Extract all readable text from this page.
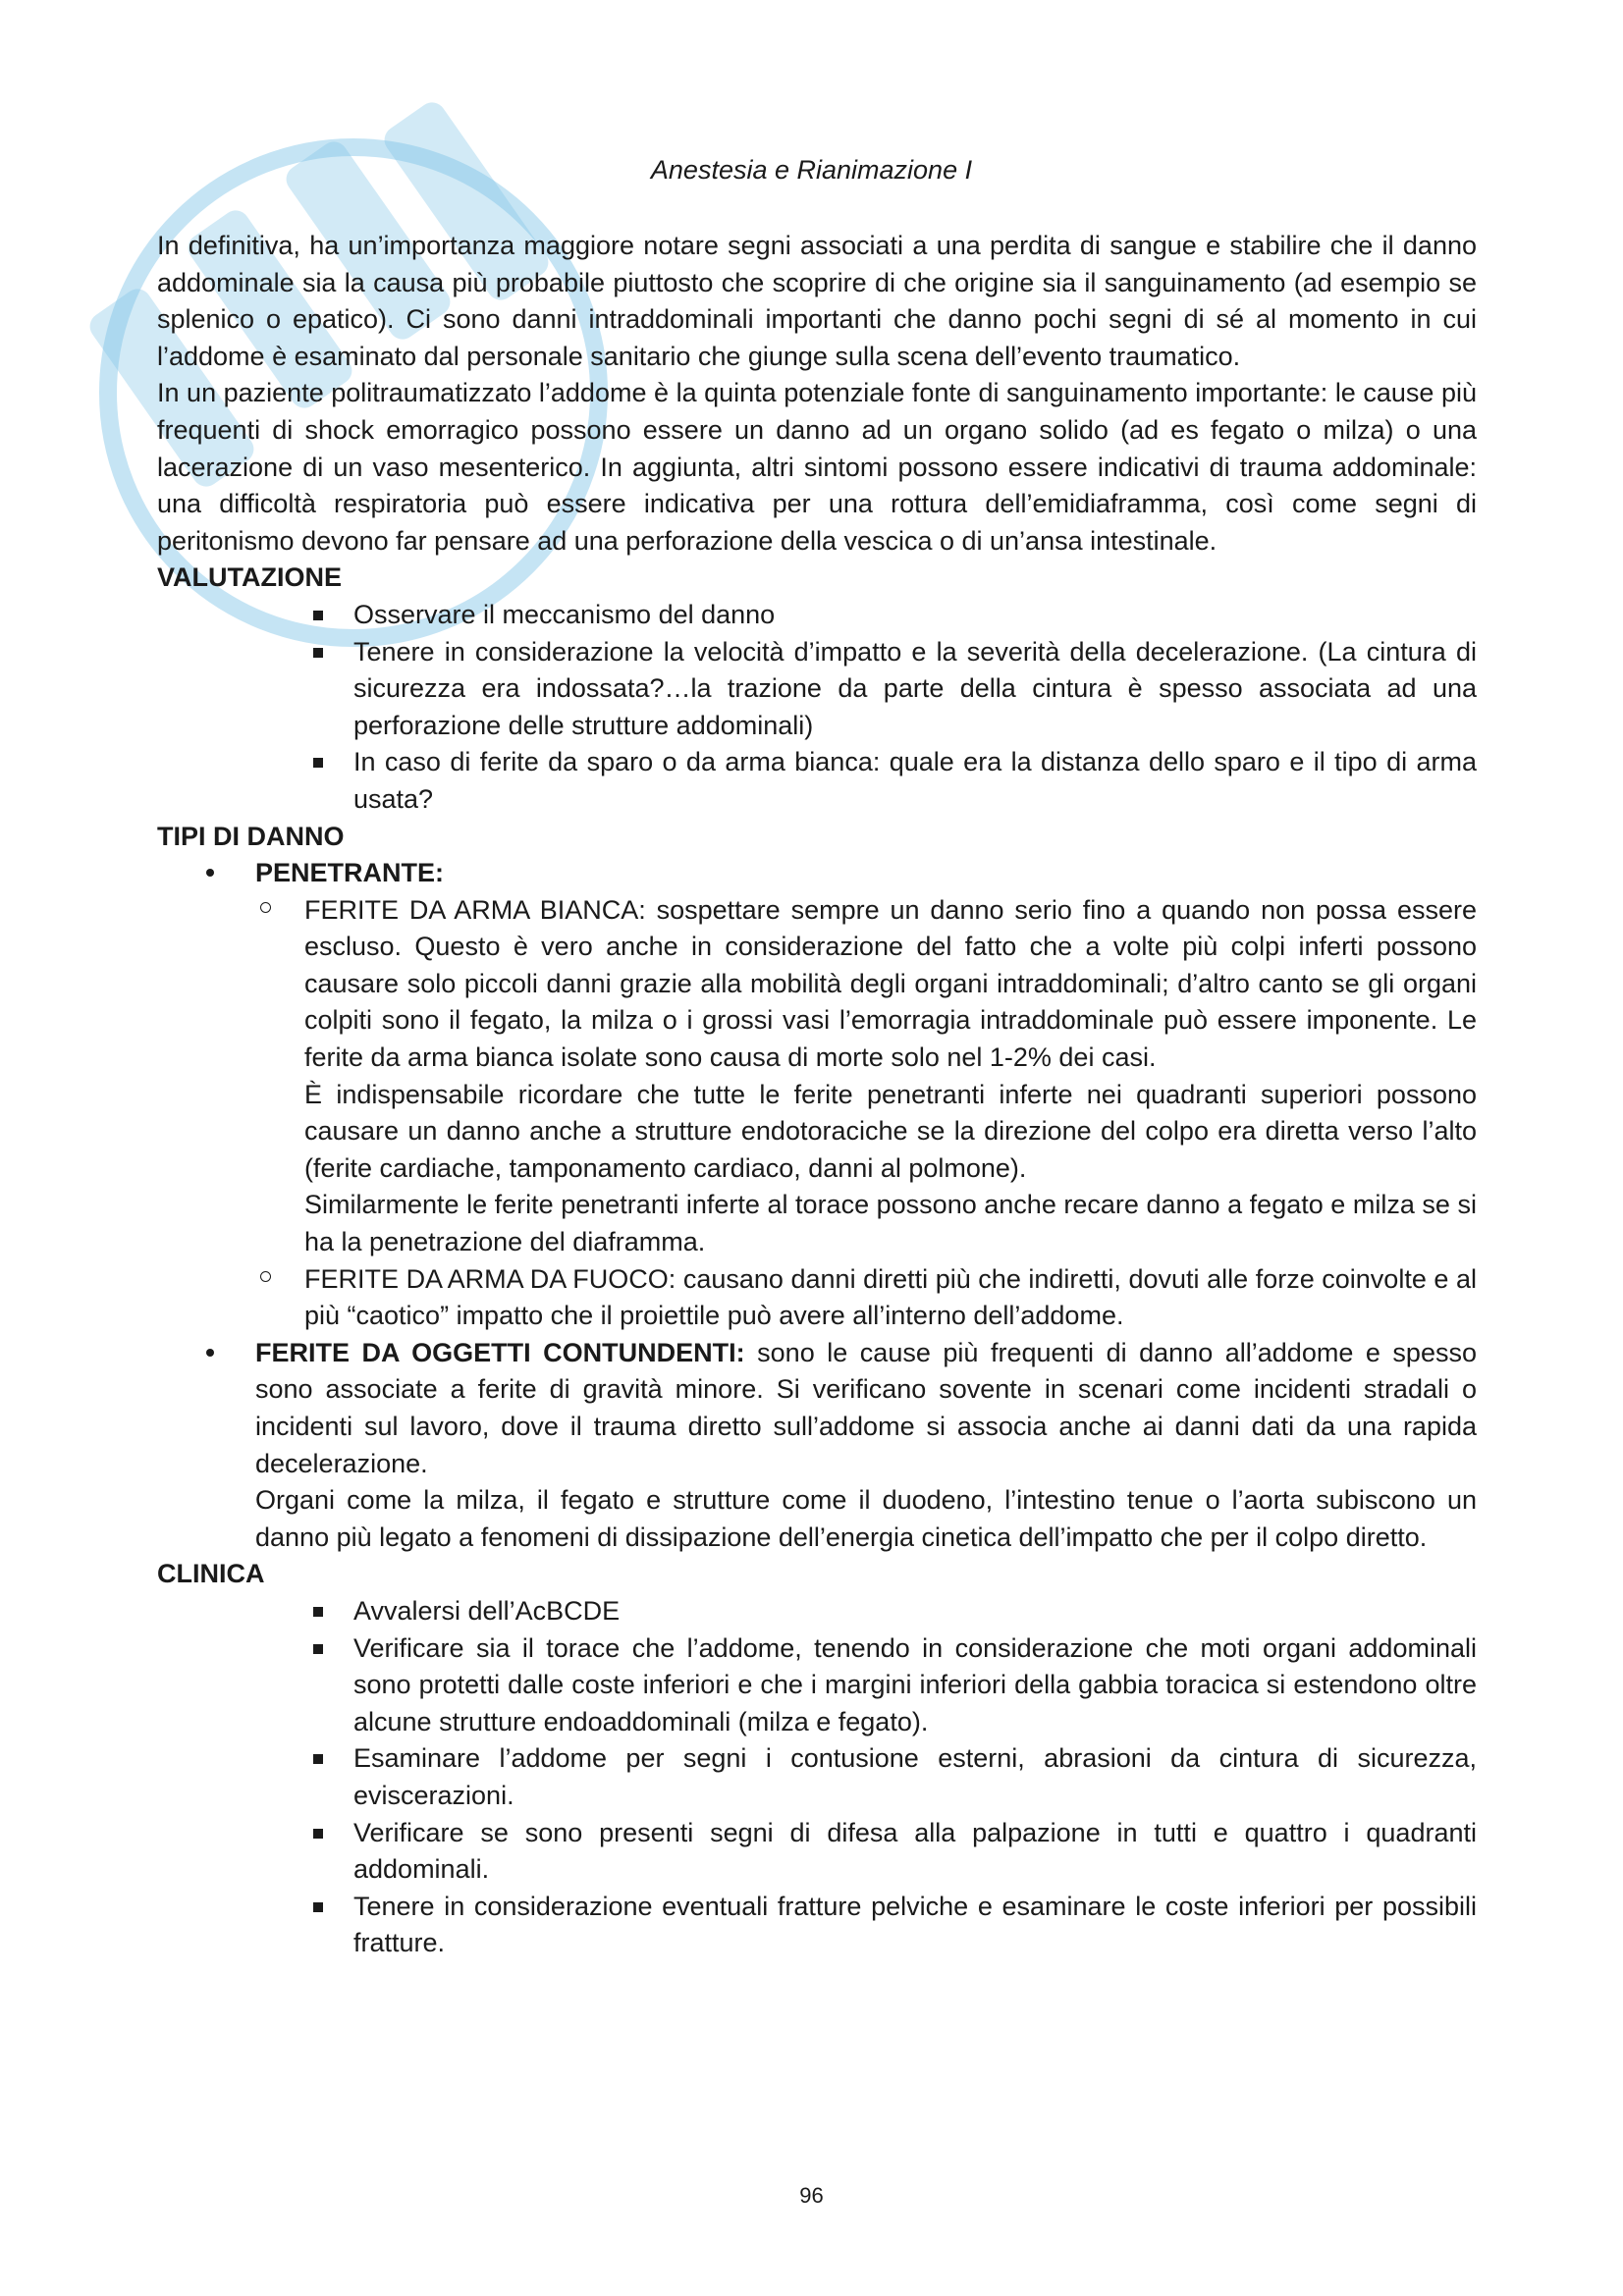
Anestesia e Rianimazione I

In definitiva, ha un’importanza maggiore notare segni associati a una perdita di sangue e stabilire che il danno addominale sia la causa più probabile piuttosto che scoprire di che origine sia il sanguinamento (ad esempio se splenico o epatico). Ci sono danni intraddominali importanti che danno pochi segni di sé al momento in cui l’addome è esaminato dal personale sanitario che giunge sulla scena dell’evento traumatico.

In un paziente politraumatizzato l’addome è la quinta potenziale fonte di sanguinamento importante: le cause più frequenti di shock emorragico possono essere un danno ad un organo solido (ad es fegato o milza) o una lacerazione di un vaso mesenterico. In aggiunta, altri sintomi possono essere indicativi di trauma addominale: una difficoltà respiratoria può essere indicativa per una rottura dell’emidiaframma, così come segni di peritonismo devono far pensare ad una perforazione della vescica o di un’ansa intestinale.

VALUTAZIONE

Osservare il meccanismo del danno
Tenere in considerazione la velocità d’impatto e la severità della decelerazione. (La cintura di sicurezza era indossata?…la trazione da parte della cintura è spesso associata ad una perforazione delle strutture addominali)
In caso di ferite da sparo o da arma bianca: quale era la distanza dello sparo e il tipo di arma usata?

TIPI DI DANNO

PENETRANTE:

FERITE DA ARMA BIANCA: sospettare sempre un danno serio fino a quando non possa essere escluso. Questo è vero anche in considerazione del fatto che a volte più colpi inferti possono causare solo piccoli danni grazie alla mobilità degli organi intraddominali; d’altro canto se gli organi colpiti sono il fegato, la milza o i grossi vasi l’emorragia intraddominale può essere imponente. Le ferite da arma bianca isolate sono causa di morte solo nel 1-2% dei casi.

È indispensabile ricordare che tutte le ferite penetranti inferte nei quadranti superiori possono causare un danno anche a strutture endotoraciche se la direzione del colpo era diretta verso l’alto (ferite cardiache, tamponamento cardiaco, danni al polmone).

Similarmente le ferite penetranti inferte al torace possono anche recare danno a fegato e milza se si ha la penetrazione del diaframma.

FERITE DA ARMA DA FUOCO: causano danni diretti più che indiretti, dovuti alle forze coinvolte e al più “caotico” impatto che il proiettile può avere all’interno dell’addome.

FERITE DA OGGETTI CONTUNDENTI: sono le cause più frequenti di danno all’addome e spesso sono associate a ferite di gravità minore. Si verificano sovente in scenari come incidenti stradali o incidenti sul lavoro, dove il trauma diretto sull’addome si associa anche ai danni dati da una rapida decelerazione.

Organi come la milza, il fegato e strutture come il duodeno, l’intestino tenue o l’aorta subiscono un danno più legato a fenomeni di dissipazione dell’energia cinetica dell’impatto che per il colpo diretto.

CLINICA

Avvalersi dell’AcBCDE
Verificare sia il torace che l’addome, tenendo in considerazione che moti organi addominali sono protetti dalle coste inferiori e che i margini inferiori della gabbia toracica si estendono oltre alcune strutture endoaddominali (milza e fegato).
Esaminare l’addome per segni i contusione esterni, abrasioni da cintura di sicurezza, eviscerazioni.
Verificare se sono presenti segni di difesa alla palpazione in tutti e quattro i quadranti addominali.
Tenere in considerazione eventuali fratture pelviche e esaminare le coste inferiori per possibili fratture.
96
